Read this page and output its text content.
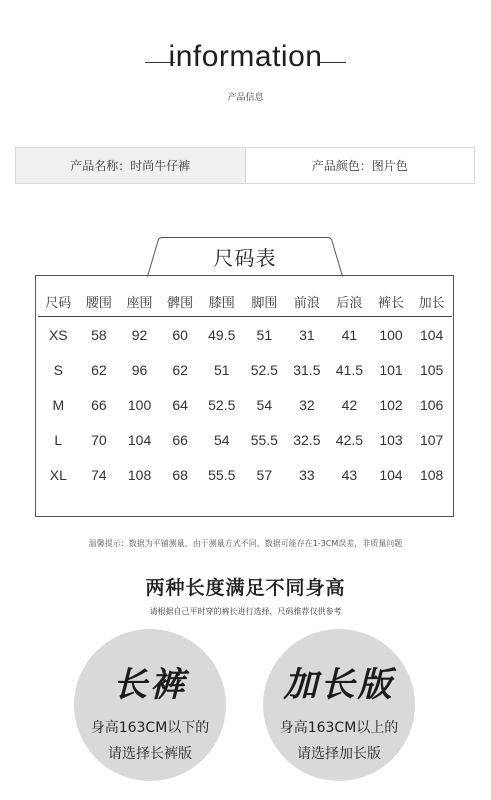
information
产品信息
产品名称：时尚牛仔裤	产品颜色：图片色
尺码表
尺码	腰围	座围	髀围	膝围	脚围	前浪	后浪	裤长	加长
XS	58	92	60	49.5	51	31	41	100	104
S	62	96	62	51	52.5	31.5	41.5	101	105
M	66	100	64	52.5	54	32	42	102	106
L	70	104	66	54	55.5	32.5	42.5	103	107
XL	74	108	68	55.5	57	33	43	104	108
温馨提示：数据为平铺测量，由于测量方式不同，数据可能存在1-3CM误差，非质量问题
两种长度满足不同身高
请根据自己平时穿的裤长进行选择，尺码推荐仅供参考
长裤
身高163CM以下的
请选择长裤版
加长版
身高163CM以上的
请选择加长版
